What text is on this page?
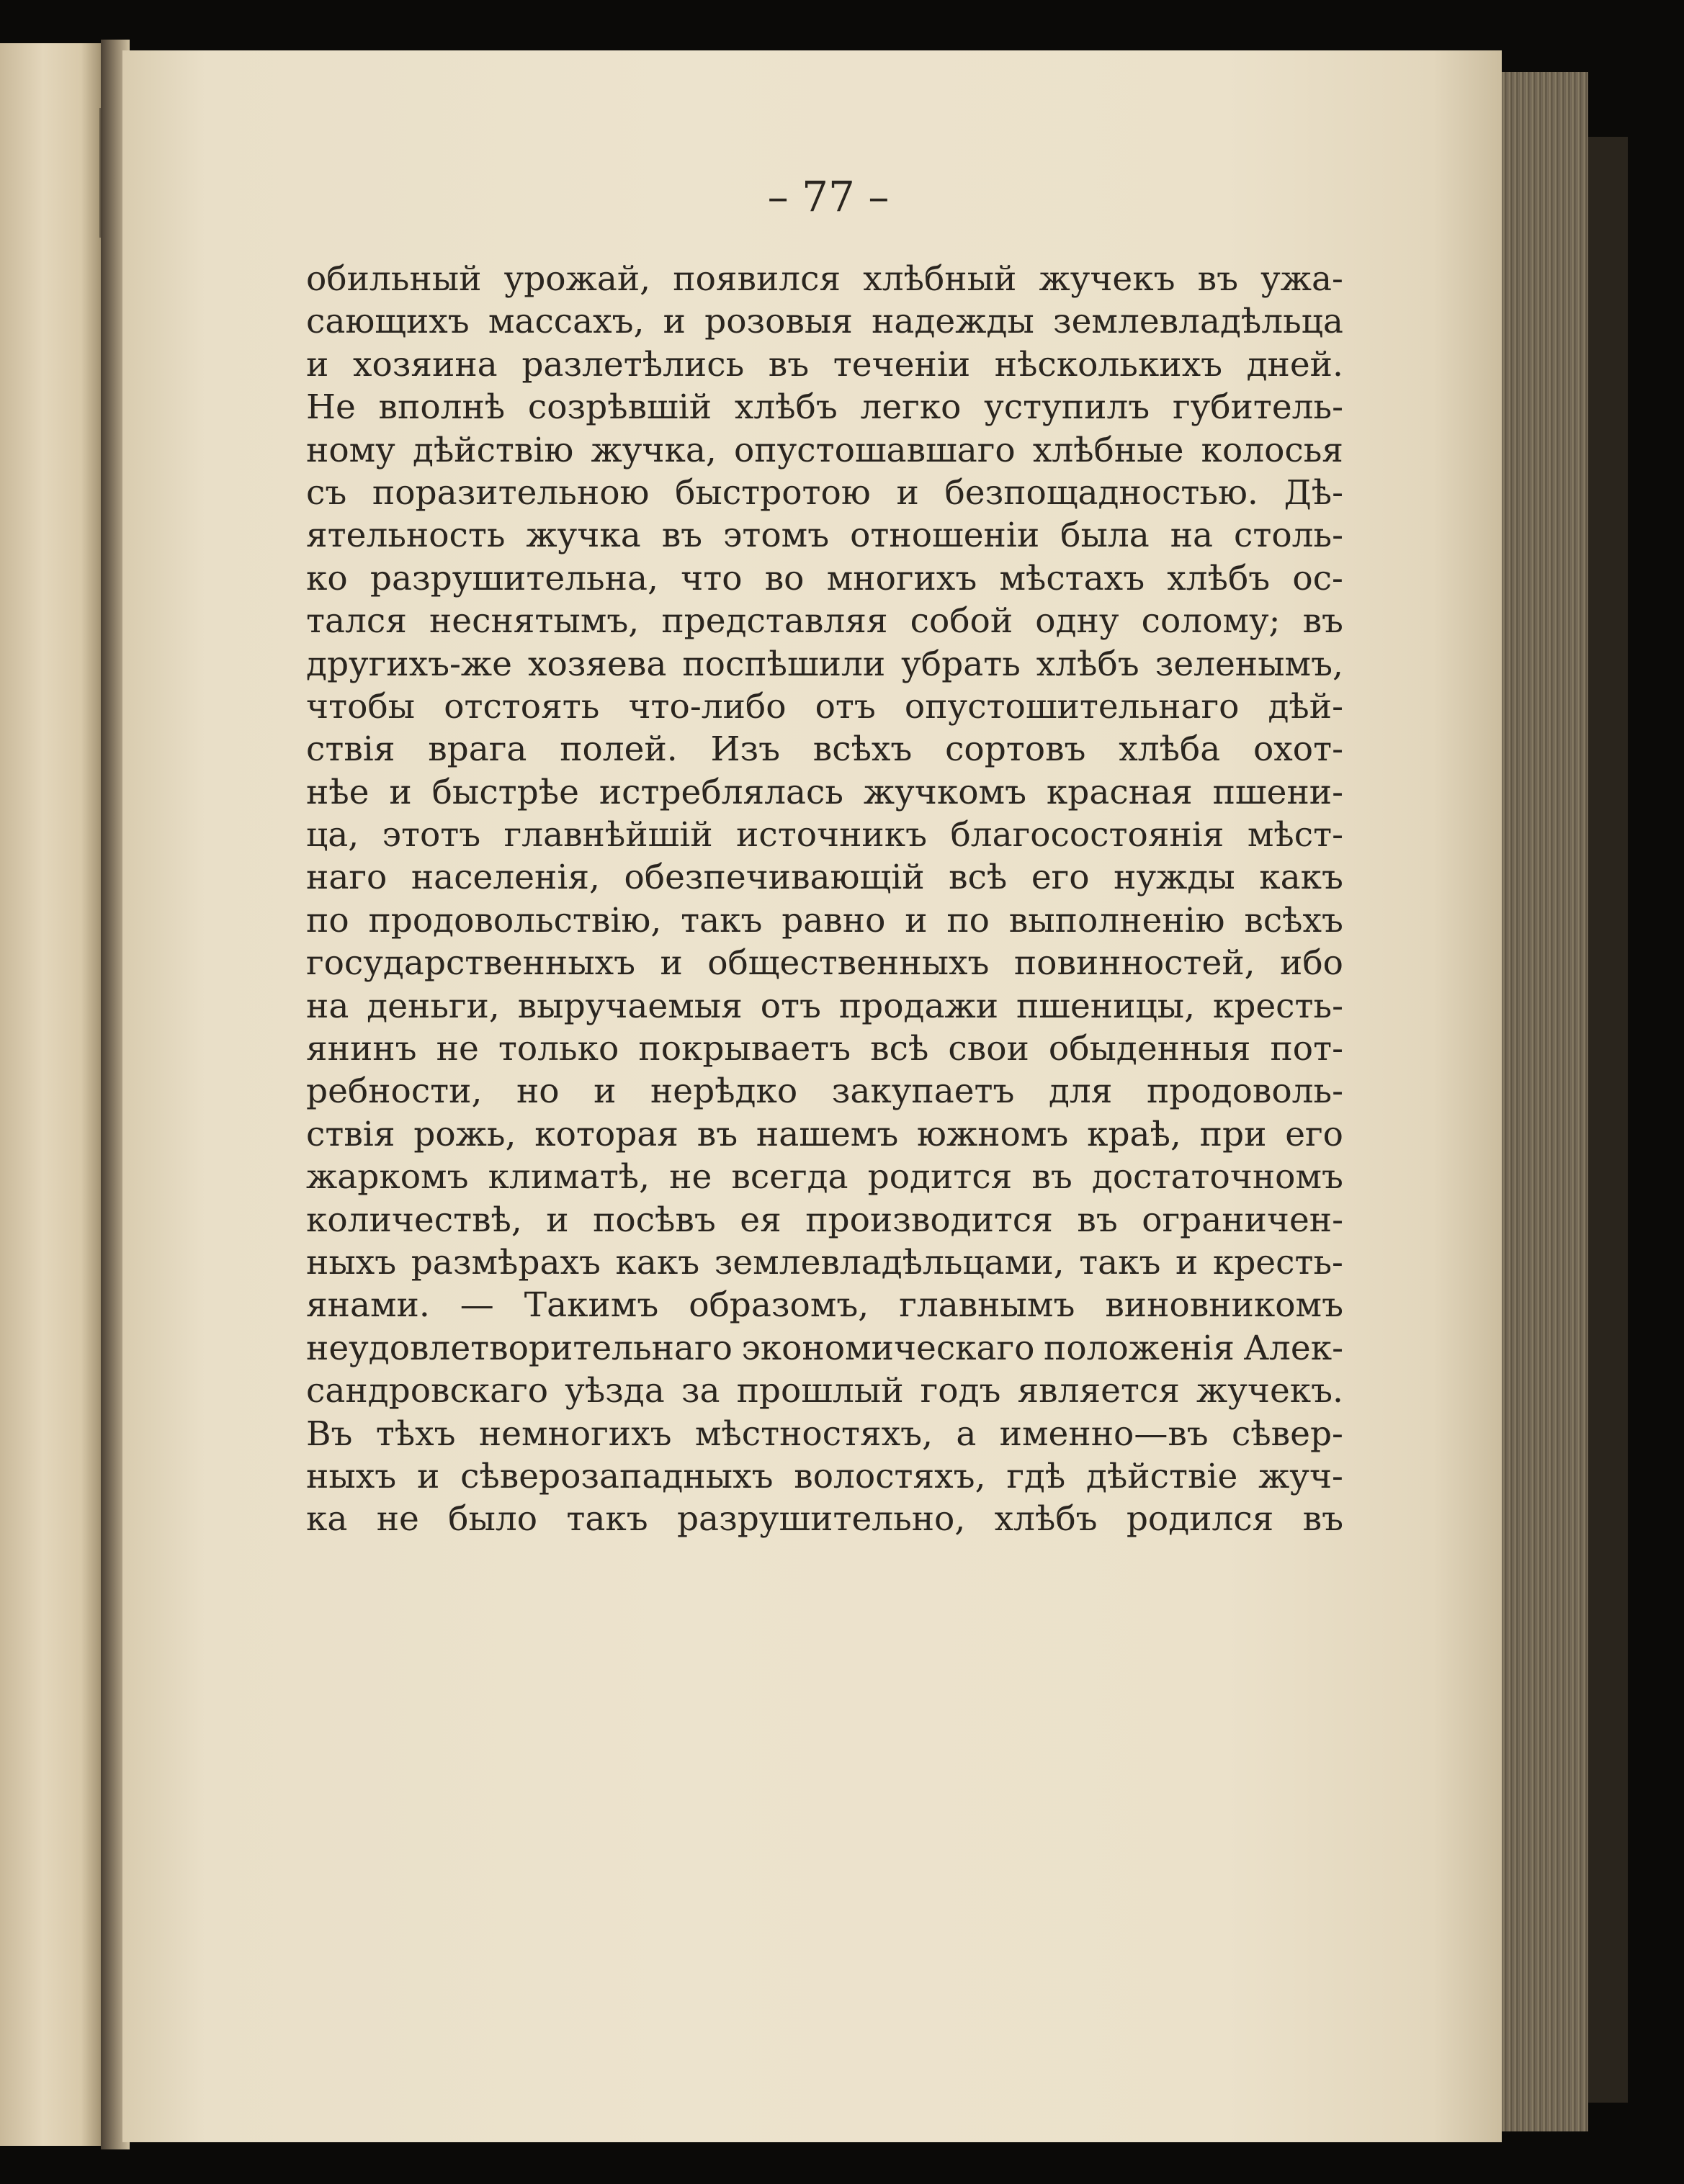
– 77 –
обильный урожай, появился хлѣбный жучекъ въ ужа-
сающихъ массахъ, и розовыя надежды землевладѣльца
и хозяина разлетѣлись въ теченіи нѣсколькихъ дней.
Не вполнѣ созрѣвшій хлѣбъ легко уступилъ губитель-
ному дѣйствію жучка, опустошавшаго хлѣбные колосья
съ поразительною быстротою и безпощадностью. Дѣ-
ятельность жучка въ этомъ отношеніи была на столь-
ко разрушительна, что во многихъ мѣстахъ хлѣбъ ос-
тался неснятымъ, представляя собой одну солому; въ
другихъ-же хозяева поспѣшили убрать хлѣбъ зеленымъ,
чтобы отстоять что-либо отъ опустошительнаго дѣй-
ствія врага полей. Изъ всѣхъ сортовъ хлѣба охот-
нѣе и быстрѣе истреблялась жучкомъ красная пшени-
ца, этотъ главнѣйшій источникъ благосостоянія мѣст-
наго населенія, обезпечивающій всѣ его нужды какъ
по продовольствію, такъ равно и по выполненію всѣхъ
государственныхъ и общественныхъ повинностей, ибо
на деньги, выручаемыя отъ продажи пшеницы, кресть-
янинъ не только покрываетъ всѣ свои обыденныя пот-
ребности, но и нерѣдко закупаетъ для продоволь-
ствія рожь, которая въ нашемъ южномъ краѣ, при его
жаркомъ климатѣ, не всегда родится въ достаточномъ
количествѣ, и посѣвъ ея производится въ ограничен-
ныхъ размѣрахъ какъ землевладѣльцами, такъ и кресть-
янами. — Такимъ образомъ, главнымъ виновникомъ
неудовлетворительнаго экономическаго положенія Алек-
сандровскаго уѣзда за прошлый годъ является жучекъ.
Въ тѣхъ немногихъ мѣстностяхъ, а именно—въ сѣвер-
ныхъ и сѣверозападныхъ волостяхъ, гдѣ дѣйствіе жуч-
ка не было такъ разрушительно, хлѣбъ родился въ
